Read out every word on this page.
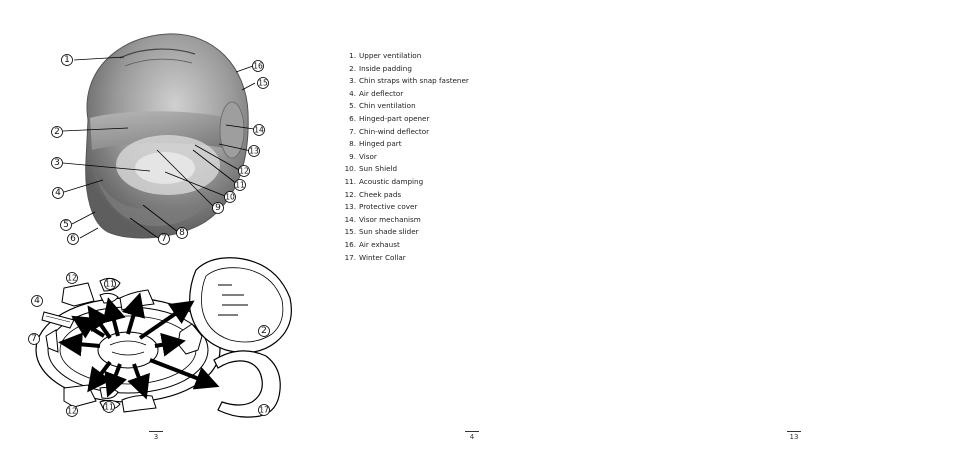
1
2
3
4
5
6	7
8
9
10
11
12
13
14
15
16
12
11
4
7
2
12	11	17
3
1. Upper ventilation
2. Inside padding
3. Chin straps with snap fastener
4. Air deflector
5. Chin ventilation
6. Hinged-part opener
7. Chin-wind deflector
8. Hinged part
9. Visor
10. Sun Shield
11. Acoustic damping
12. Cheek pads
13. Protective cover
14. Visor mechanism
15. Sun shade slider
16. Air exhaust
17. Winter Collar
4	13
